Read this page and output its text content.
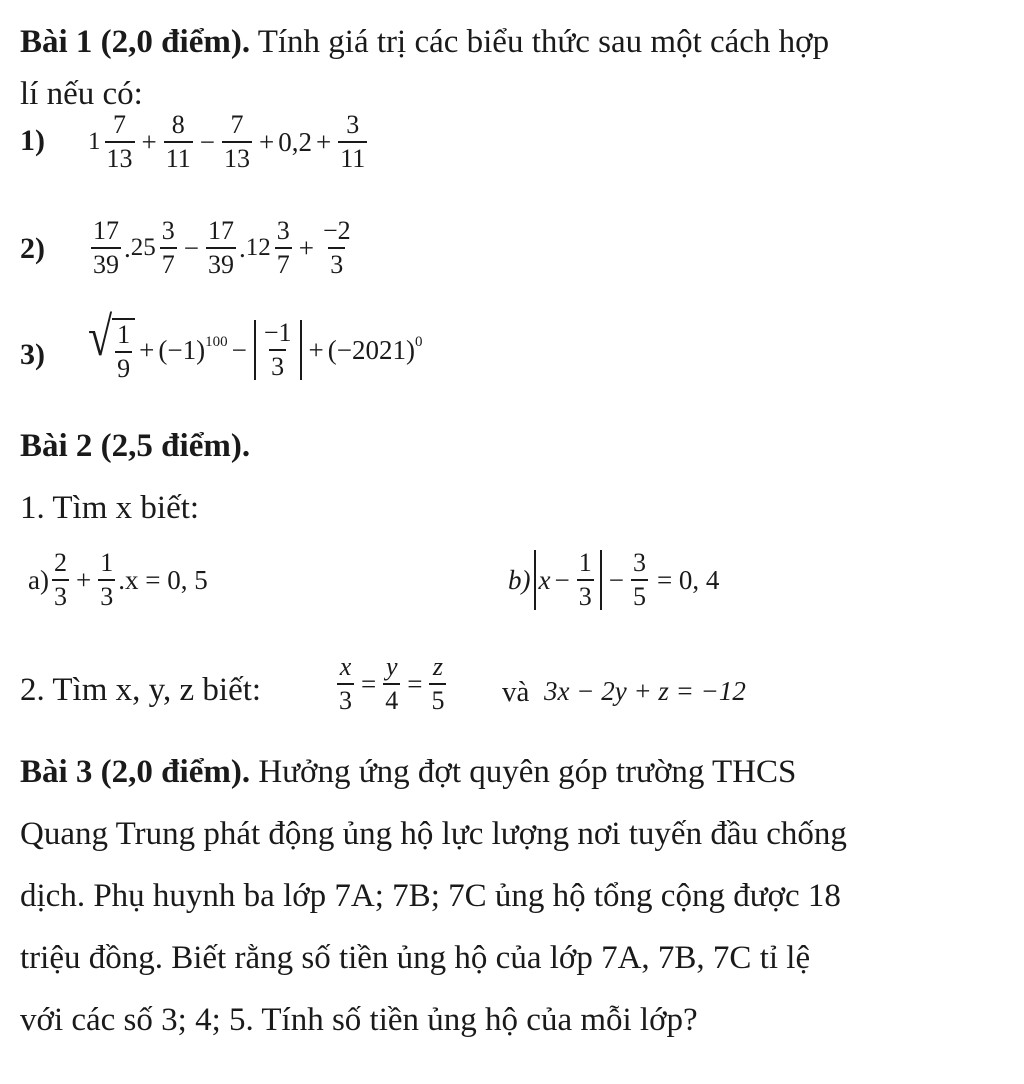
Bài 1 (2,0 điểm). Tính giá trị các biểu thức sau một cách hợp
lí nếu có:
1) $1 \frac{7}{13} + \frac{8}{11} - \frac{7}{13} + 0,2 + \frac{3}{11}$
$2) \frac{17}{39}$ . $25 \frac{3}{7} - \frac{17}{39}$ . $12 \frac{3}{7} + \frac{-2}{3}$
3) √ $\frac{1}{9} + (-1)^{100} - \frac{-1}{3} + (-2021)^0$
Bài 2 (2,5 điểm).
1. Tìm x biết:
$a) \frac{2}{3} + \frac{1}{3} .x = 0$, 5	b) $x - \frac{1}{3} - \frac{3}{5} = 0$, 4
2. Tìm x, y, z biết:	$\frac{x}{3} = \frac{y}{4} = \frac{z}{5}$ và 3x − 2y + z = −12
Bài 3 (2,0 điểm). Hưởng ứng đợt quyên góp trường THCS
Quang Trung phát động ủng hộ lực lượng nơi tuyến đầu chống
dịch. Phụ huynh ba lớp 7A; 7B; 7C ủng hộ tổng cộng được 18
triệu đồng. Biết rằng số tiền ủng hộ của lớp 7A, 7B, 7C tỉ lệ
với các số 3; 4; 5. Tính số tiền ủng hộ của mỗi lớp?
